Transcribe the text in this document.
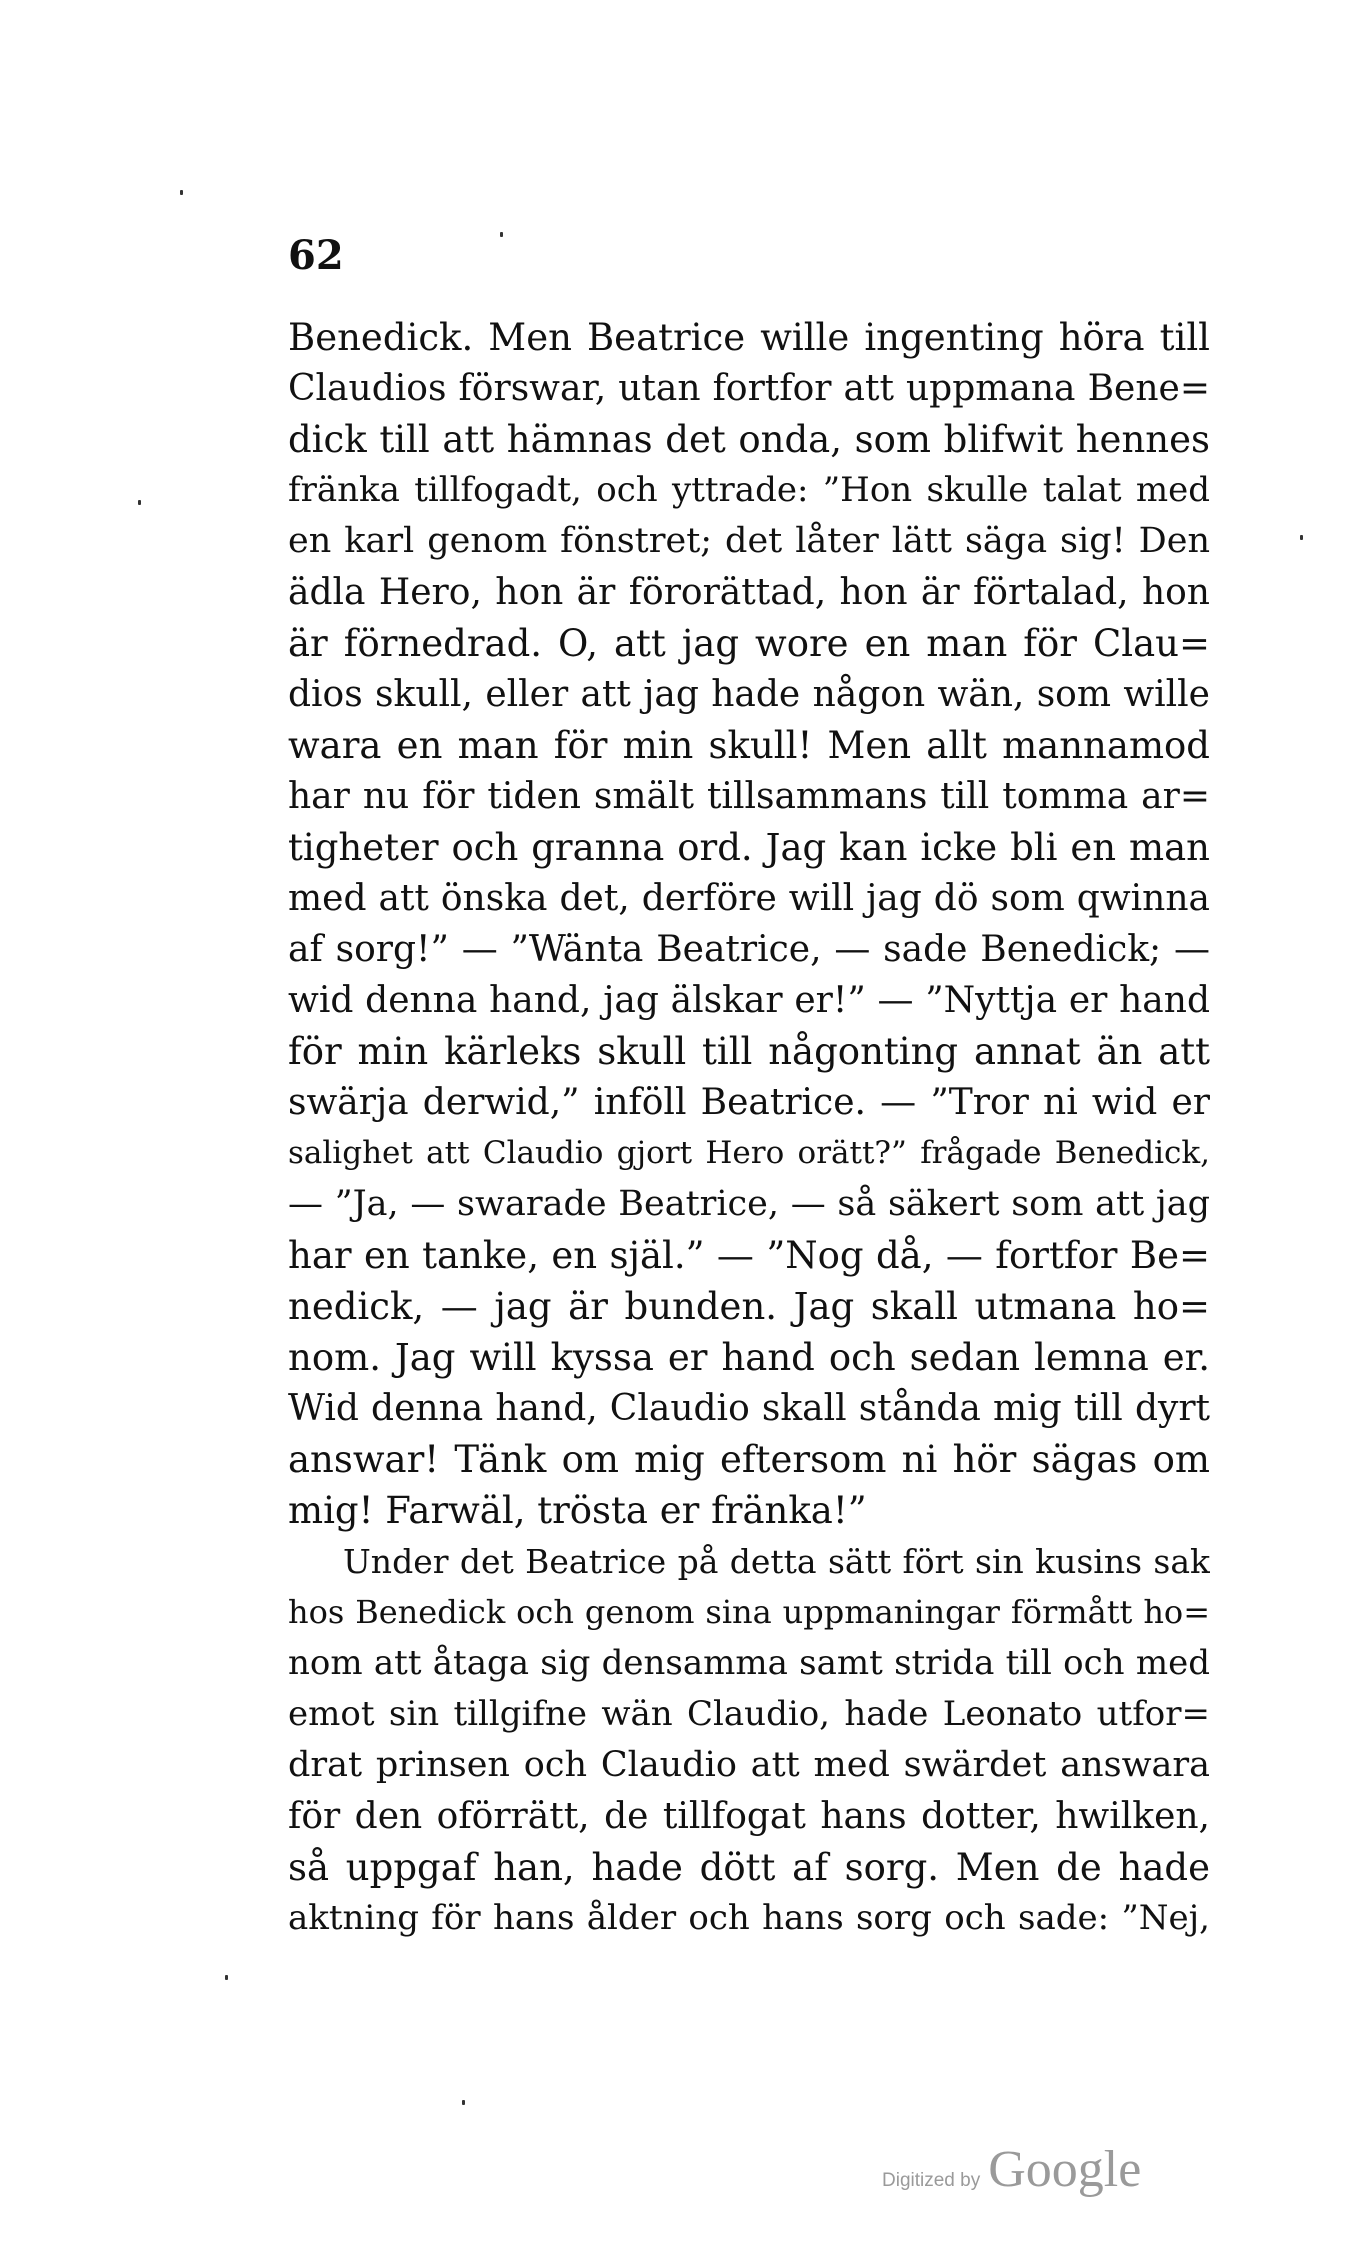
62
Benedick. Men Beatrice wille ingenting höra till
Claudios förswar, utan fortfor att uppmana Bene=
dick till att hämnas det onda, som blifwit hennes
fränka tillfogadt, och yttrade: ”Hon skulle talat med
en karl genom fönstret; det låter lätt säga sig! Den
ädla Hero, hon är förorättad, hon är förtalad, hon
är förnedrad. O, att jag wore en man för Clau=
dios skull, eller att jag hade någon wän, som wille
wara en man för min skull! Men allt mannamod
har nu för tiden smält tillsammans till tomma ar=
tigheter och granna ord. Jag kan icke bli en man
med att önska det, derföre will jag dö som qwinna
af sorg!” — ”Wänta Beatrice, — sade Benedick; —
wid denna hand, jag älskar er!” — ”Nyttja er hand
för min kärleks skull till någonting annat än att
swärja derwid,” inföll Beatrice. — ”Tror ni wid er
salighet att Claudio gjort Hero orätt?” frågade Benedick,
— ”Ja, — swarade Beatrice, — så säkert som att jag
har en tanke, en själ.” — ”Nog då, — fortfor Be=
nedick, — jag är bunden. Jag skall utmana ho=
nom. Jag will kyssa er hand och sedan lemna er.
Wid denna hand, Claudio skall stånda mig till dyrt
answar! Tänk om mig eftersom ni hör sägas om
mig! Farwäl, trösta er fränka!”
Under det Beatrice på detta sätt fört sin kusins sak
hos Benedick och genom sina uppmaningar förmått ho=
nom att åtaga sig densamma samt strida till och med
emot sin tillgifne wän Claudio, hade Leonato utfor=
drat prinsen och Claudio att med swärdet answara
för den oförrätt, de tillfogat hans dotter, hwilken,
så uppgaf han, hade dött af sorg. Men de hade
aktning för hans ålder och hans sorg och sade: ”Nej,
Digitized by Google
